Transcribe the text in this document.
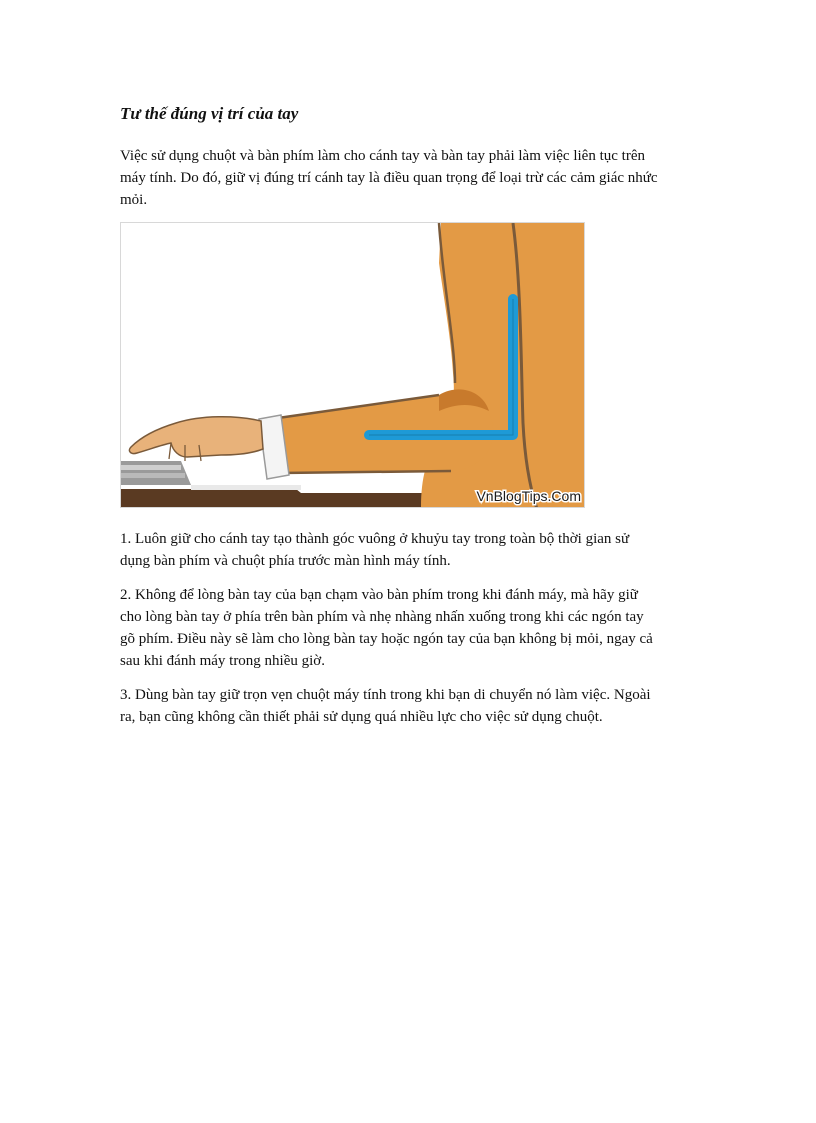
Tư thế đúng vị trí của tay

Việc sử dụng chuột và bàn phím làm cho cánh tay và bàn tay phải làm việc liên tục trên
máy tính. Do đó, giữ vị đúng trí cánh tay là điều quan trọng để loại trừ các cảm giác nhức
mỏi.

VnBlogTips.Com

1. Luôn giữ cho cánh tay tạo thành góc vuông ở khuỷu tay trong toàn bộ thời gian sử
dụng bàn phím và chuột phía trước màn hình máy tính.

2. Không để lòng bàn tay của bạn chạm vào bàn phím trong khi đánh máy, mà hãy giữ
cho lòng bàn tay ở phía trên bàn phím và nhẹ nhàng nhấn xuống trong khi các ngón tay
gõ phím. Điều này sẽ làm cho lòng bàn tay hoặc ngón tay của bạn không bị mỏi, ngay cả
sau khi đánh máy trong nhiều giờ.

3. Dùng bàn tay giữ trọn vẹn chuột máy tính trong khi bạn di chuyển nó làm việc. Ngoài
ra, bạn cũng không cần thiết phải sử dụng quá nhiều lực cho việc sử dụng chuột.
